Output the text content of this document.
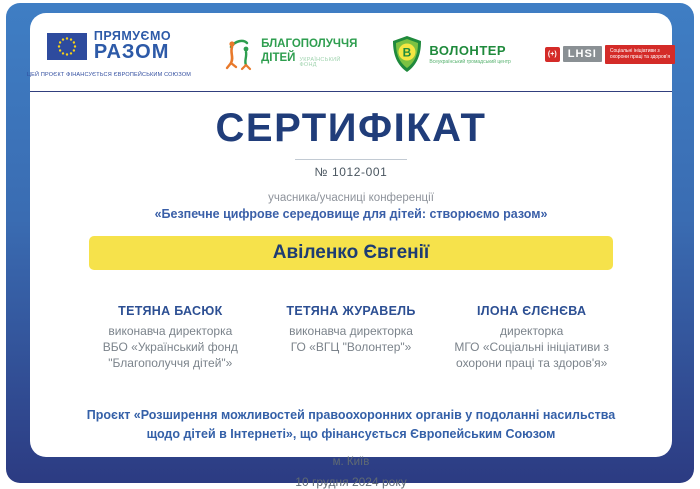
ПРЯМУЄМО
РАЗОМ
ЦЕЙ ПРОЄКТ ФІНАНСУЄТЬСЯ ЄВРОПЕЙСЬКИМ СОЮЗОМ
БЛАГОПОЛУЧЧЯ
ДІТЕЙ УКРАЇНСЬКИЙ ФОНД
В ВОЛОНТЕР
Всеукраїнський громадський центр
(+)	LHSI	Соціальні ініціативи з
охорони праці та здоров'я
СЕРТИФІКАТ
№ 1012-001
учасника/учасниці конференції
«Безпечне цифрове середовище для дітей: створюємо разом»
Авіленко Євгенії
ТЕТЯНА БАСЮК
виконавча директорка
ВБО «Український фонд
"Благополуччя дітей"»
ТЕТЯНА ЖУРАВЕЛЬ
виконавча директорка
ГО «ВГЦ "Волонтер"»
ІЛОНА ЄЛЄНЄВА
директорка
МГО «Соціальні ініціативи з
охорони праці та здоров'я»
Проєкт «Розширення можливостей правоохоронних органів у подоланні насильства
щодо дітей в Інтернеті», що фінансується Європейським Союзом
м. Київ
10 грудня 2024 року
